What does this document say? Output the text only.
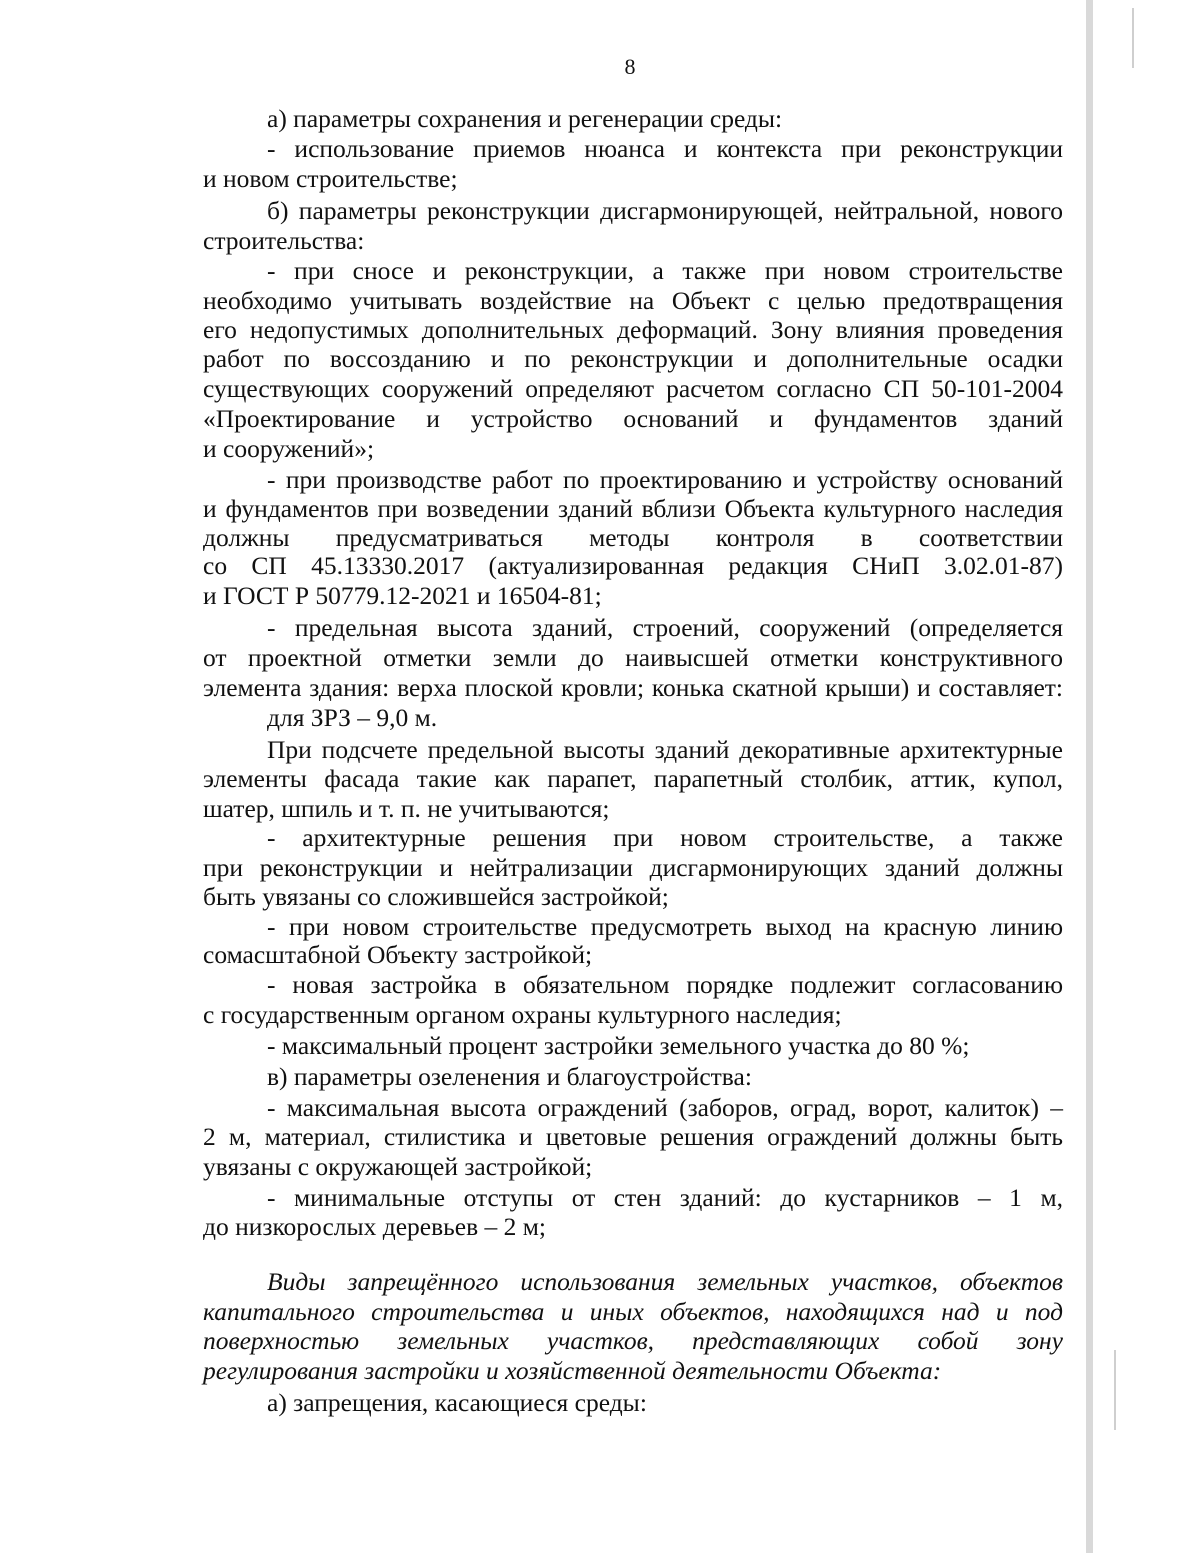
8
а) параметры сохранения и регенерации среды:
- использование приемов нюанса и контекста при реконструкции
и новом строительстве;
б) параметры реконструкции дисгармонирующей, нейтральной, нового
строительства:
- при сносе и реконструкции, а также при новом строительстве
необходимо учитывать воздействие на Объект с целью предотвращения
его недопустимых дополнительных деформаций. Зону влияния проведения
работ по воссозданию и по реконструкции и дополнительные осадки
существующих сооружений определяют расчетом согласно СП 50-101-2004
«Проектирование и устройство оснований и фундаментов зданий
и сооружений»;
- при производстве работ по проектированию и устройству оснований
и фундаментов при возведении зданий вблизи Объекта культурного наследия
должны предусматриваться методы контроля в соответствии
со СП 45.13330.2017 (актуализированная редакция СНиП 3.02.01-87)
и ГОСТ Р 50779.12-2021 и 16504-81;
- предельная высота зданий, строений, сооружений (определяется
от проектной отметки земли до наивысшей отметки конструктивного
элемента здания: верха плоской кровли; конька скатной крыши) и составляет:
для ЗРЗ – 9,0 м.
При подсчете предельной высоты зданий декоративные архитектурные
элементы фасада такие как парапет, парапетный столбик, аттик, купол,
шатер, шпиль и т. п. не учитываются;
- архитектурные решения при новом строительстве, а также
при реконструкции и нейтрализации дисгармонирующих зданий должны
быть увязаны со сложившейся застройкой;
- при новом строительстве предусмотреть выход на красную линию
сомасштабной Объекту застройкой;
- новая застройка в обязательном порядке подлежит согласованию
с государственным органом охраны культурного наследия;
- максимальный процент застройки земельного участка до 80 %;
в) параметры озеленения и благоустройства:
- максимальная высота ограждений (заборов, оград, ворот, калиток) –
2 м, материал, стилистика и цветовые решения ограждений должны быть
увязаны с окружающей застройкой;
- минимальные отступы от стен зданий: до кустарников – 1 м,
до низкорослых деревьев – 2 м;
Виды запрещённого использования земельных участков, объектов
капитального строительства и иных объектов, находящихся над и под
поверхностью земельных участков, представляющих собой зону
регулирования застройки и хозяйственной деятельности Объекта:
а) запрещения, касающиеся среды:
